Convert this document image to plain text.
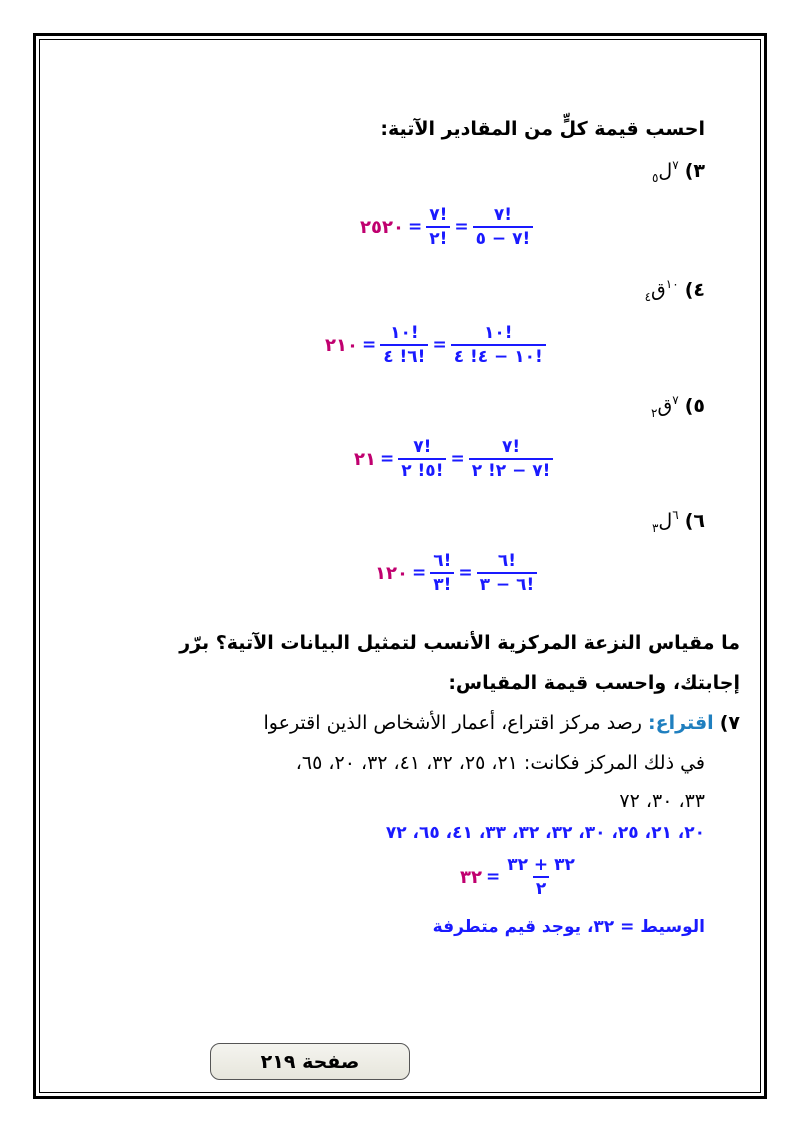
احسب قيمة كلٍّ من المقادير الآتية:
٣) $^٧$ل$_٥$
٢٥٢٠ = $\frac{٧!}{٢!} = \frac{٧!}{٧ - ٥!}$
٤) $^{١٠}$ق$_٤$
٢١٠ = $\frac{١٠!}{٦! ٤!} = \frac{١٠!}{١٠ - ٤! ٤!}$
٥) $^٧$ق$_٢$
٢١ = $\frac{٧!}{٥! ٢!} = \frac{٧!}{٧ - ٢! ٢!}$
٦) $^٦$ل$_٣$
١٢٠ = $\frac{٦!}{٣!} = \frac{٦!}{٦ - ٣!}$
ما مقياس النزعة المركزية الأنسب لتمثيل البيانات الآتية؟ برّر
إجابتك، واحسب قيمة المقياس:
٧) اقتراع: رصد مركز اقتراع، أعمار الأشخاص الذين اقترعوا
في ذلك المركز فكانت: ٢١، ٢٥، ٣٢، ٤١، ٣٢، ٢٠، ٦٥،
٣٣، ٣٠، ٧٢
٢٠، ٢١، ٢٥، ٣٠، ٣٢، ٣٢، ٣٣، ٤١، ٦٥، ٧٢
٣٢ = $\frac{٣٢ + ٣٢}{٢}$
الوسيط = ٣٢، يوجد قيم متطرفة
صفحة ٢١٩
